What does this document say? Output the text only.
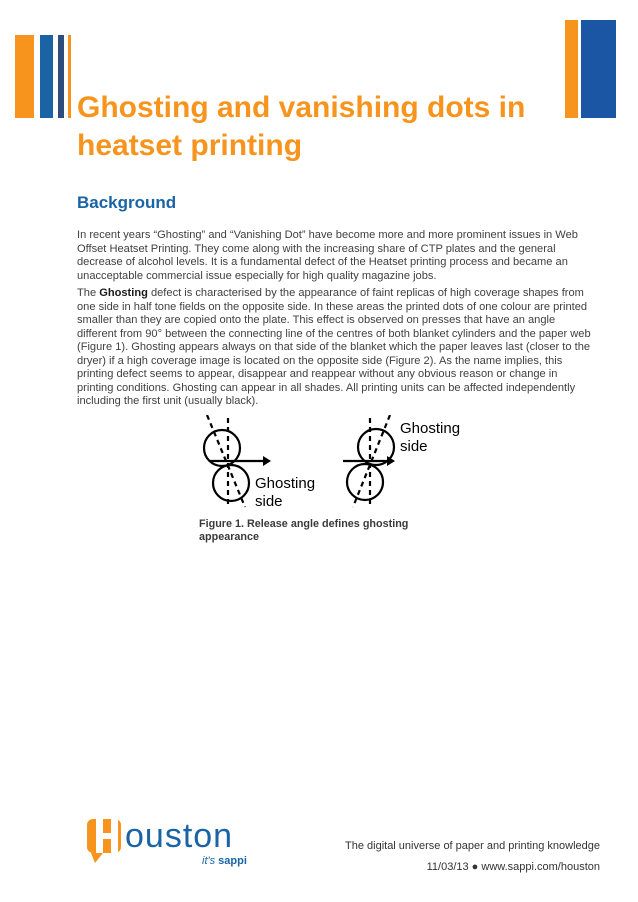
Ghosting and vanishing dots in
heatset printing
Background

In recent years “Ghosting” and “Vanishing Dot” have become more and more prominent issues in Web Offset Heatset Printing. They come along with the increasing share of CTP plates and the general decrease of alcohol levels. It is a fundamental defect of the Heatset printing process and became an unacceptable commercial issue especially for high quality magazine jobs.

The Ghosting defect is characterised by the appearance of faint replicas of high coverage shapes from one side in half tone fields on the opposite side. In these areas the printed dots of one colour are printed smaller than they are copied onto the plate. This effect is observed on presses that have an angle different from 90° between the connecting line of the centres of both blanket cylinders and the paper web (Figure 1). Ghosting appears always on that side of the blanket which the paper leaves last (closer to the dryer) if a high coverage image is located on the opposite side (Figure 2). As the name implies, this printing defect seems to appear, disappear and reappear without any obvious reason or change in printing conditions. Ghosting can appear in all shades. All printing units can be affected independently including the first unit (usually black).

Ghosting
side
Ghosting
side

Figure 1. Release angle defines ghosting
appearance

ouston
it's sappi
The digital universe of paper and printing knowledge
11/03/13 ● www.sappi.com/houston
